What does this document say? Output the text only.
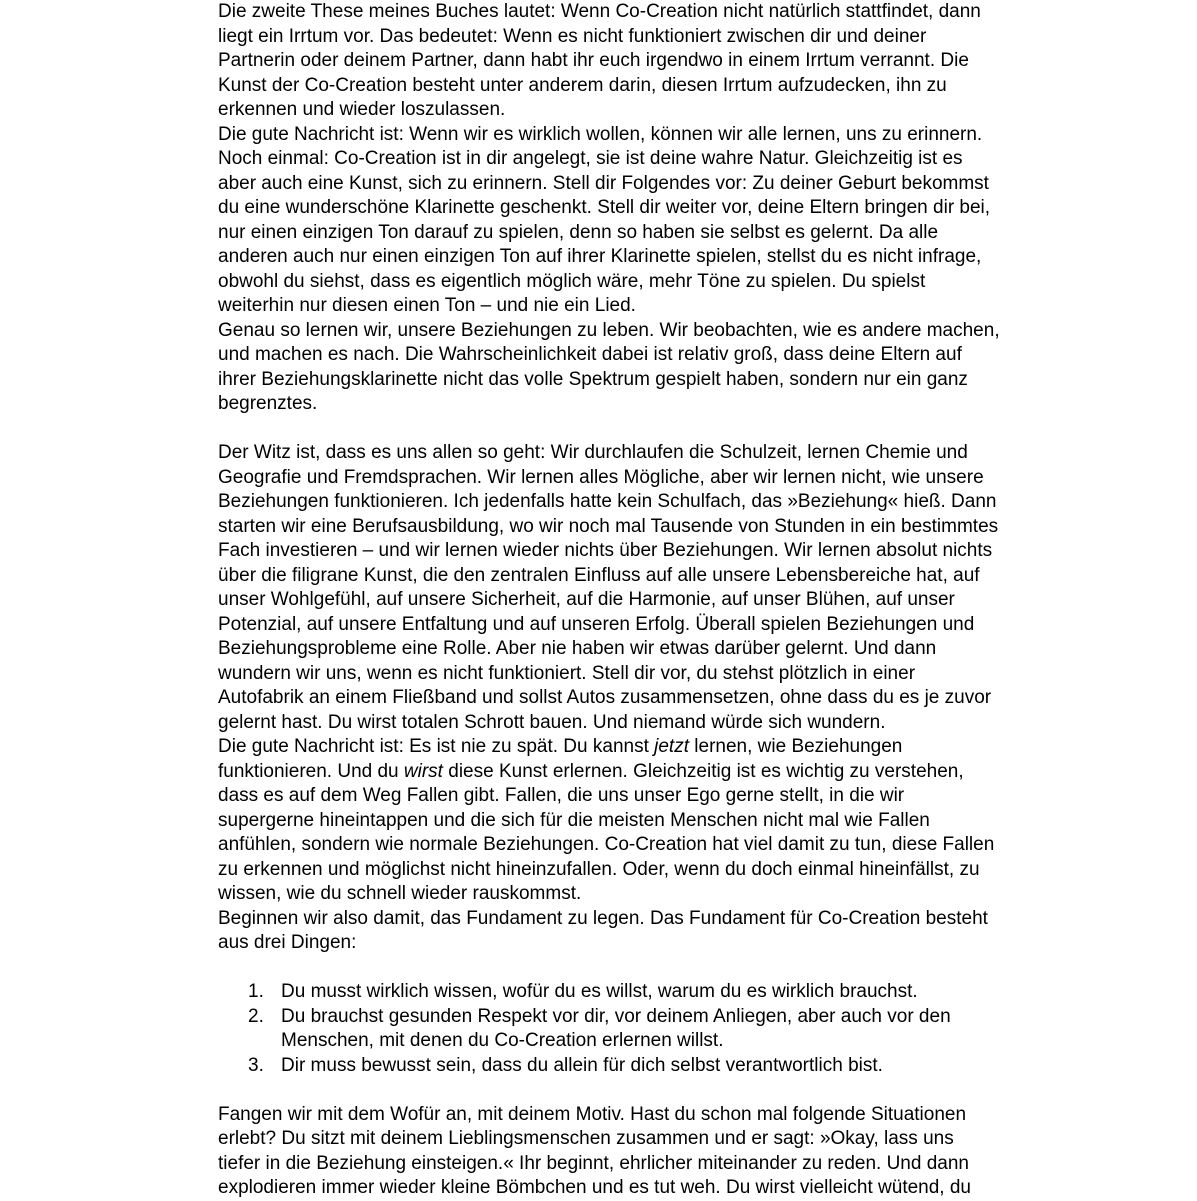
Die zweite These meines Buches lautet: Wenn Co-Creation nicht natürlich stattfindet, dann
liegt ein Irrtum vor. Das bedeutet: Wenn es nicht funktioniert zwischen dir und deiner
Partnerin oder deinem Partner, dann habt ihr euch irgendwo in einem Irrtum verrannt. Die
Kunst der Co-Creation besteht unter anderem darin, diesen Irrtum aufzudecken, ihn zu
erkennen und wieder loszulassen.
Die gute Nachricht ist: Wenn wir es wirklich wollen, können wir alle lernen, uns zu erinnern.
Noch einmal: Co-Creation ist in dir angelegt, sie ist deine wahre Natur. Gleichzeitig ist es
aber auch eine Kunst, sich zu erinnern. Stell dir Folgendes vor: Zu deiner Geburt bekommst
du eine wunderschöne Klarinette geschenkt. Stell dir weiter vor, deine Eltern bringen dir bei,
nur einen einzigen Ton darauf zu spielen, denn so haben sie selbst es gelernt. Da alle
anderen auch nur einen einzigen Ton auf ihrer Klarinette spielen, stellst du es nicht infrage,
obwohl du siehst, dass es eigentlich möglich wäre, mehr Töne zu spielen. Du spielst
weiterhin nur diesen einen Ton – und nie ein Lied.
Genau so lernen wir, unsere Beziehungen zu leben. Wir beobachten, wie es andere machen,
und machen es nach. Die Wahrscheinlichkeit dabei ist relativ groß, dass deine Eltern auf
ihrer Beziehungsklarinette nicht das volle Spektrum gespielt haben, sondern nur ein ganz
begrenztes.
Der Witz ist, dass es uns allen so geht: Wir durchlaufen die Schulzeit, lernen Chemie und
Geografie und Fremdsprachen. Wir lernen alles Mögliche, aber wir lernen nicht, wie unsere
Beziehungen funktionieren. Ich jedenfalls hatte kein Schulfach, das »Beziehung« hieß. Dann
starten wir eine Berufsausbildung, wo wir noch mal Tausende von Stunden in ein bestimmtes
Fach investieren – und wir lernen wieder nichts über Beziehungen. Wir lernen absolut nichts
über die filigrane Kunst, die den zentralen Einfluss auf alle unsere Lebensbereiche hat, auf
unser Wohlgefühl, auf unsere Sicherheit, auf die Harmonie, auf unser Blühen, auf unser
Potenzial, auf unsere Entfaltung und auf unseren Erfolg. Überall spielen Beziehungen und
Beziehungsprobleme eine Rolle. Aber nie haben wir etwas darüber gelernt. Und dann
wundern wir uns, wenn es nicht funktioniert. Stell dir vor, du stehst plötzlich in einer
Autofabrik an einem Fließband und sollst Autos zusammensetzen, ohne dass du es je zuvor
gelernt hast. Du wirst totalen Schrott bauen. Und niemand würde sich wundern.
Die gute Nachricht ist: Es ist nie zu spät. Du kannst jetzt lernen, wie Beziehungen
funktionieren. Und du wirst diese Kunst erlernen. Gleichzeitig ist es wichtig zu verstehen,
dass es auf dem Weg Fallen gibt. Fallen, die uns unser Ego gerne stellt, in die wir
supergerne hineintappen und die sich für die meisten Menschen nicht mal wie Fallen
anfühlen, sondern wie normale Beziehungen. Co-Creation hat viel damit zu tun, diese Fallen
zu erkennen und möglichst nicht hineinzufallen. Oder, wenn du doch einmal hineinfällst, zu
wissen, wie du schnell wieder rauskommst.
Beginnen wir also damit, das Fundament zu legen. Das Fundament für Co-Creation besteht
aus drei Dingen:
1. Du musst wirklich wissen, wofür du es willst, warum du es wirklich brauchst.
2. Du brauchst gesunden Respekt vor dir, vor deinem Anliegen, aber auch vor den
Menschen, mit denen du Co-Creation erlernen willst.
3. Dir muss bewusst sein, dass du allein für dich selbst verantwortlich bist.
Fangen wir mit dem Wofür an, mit deinem Motiv. Hast du schon mal folgende Situationen
erlebt? Du sitzt mit deinem Lieblingsmenschen zusammen und er sagt: »Okay, lass uns
tiefer in die Beziehung einsteigen.« Ihr beginnt, ehrlicher miteinander zu reden. Und dann
explodieren immer wieder kleine Bömbchen und es tut weh. Du wirst vielleicht wütend, du
